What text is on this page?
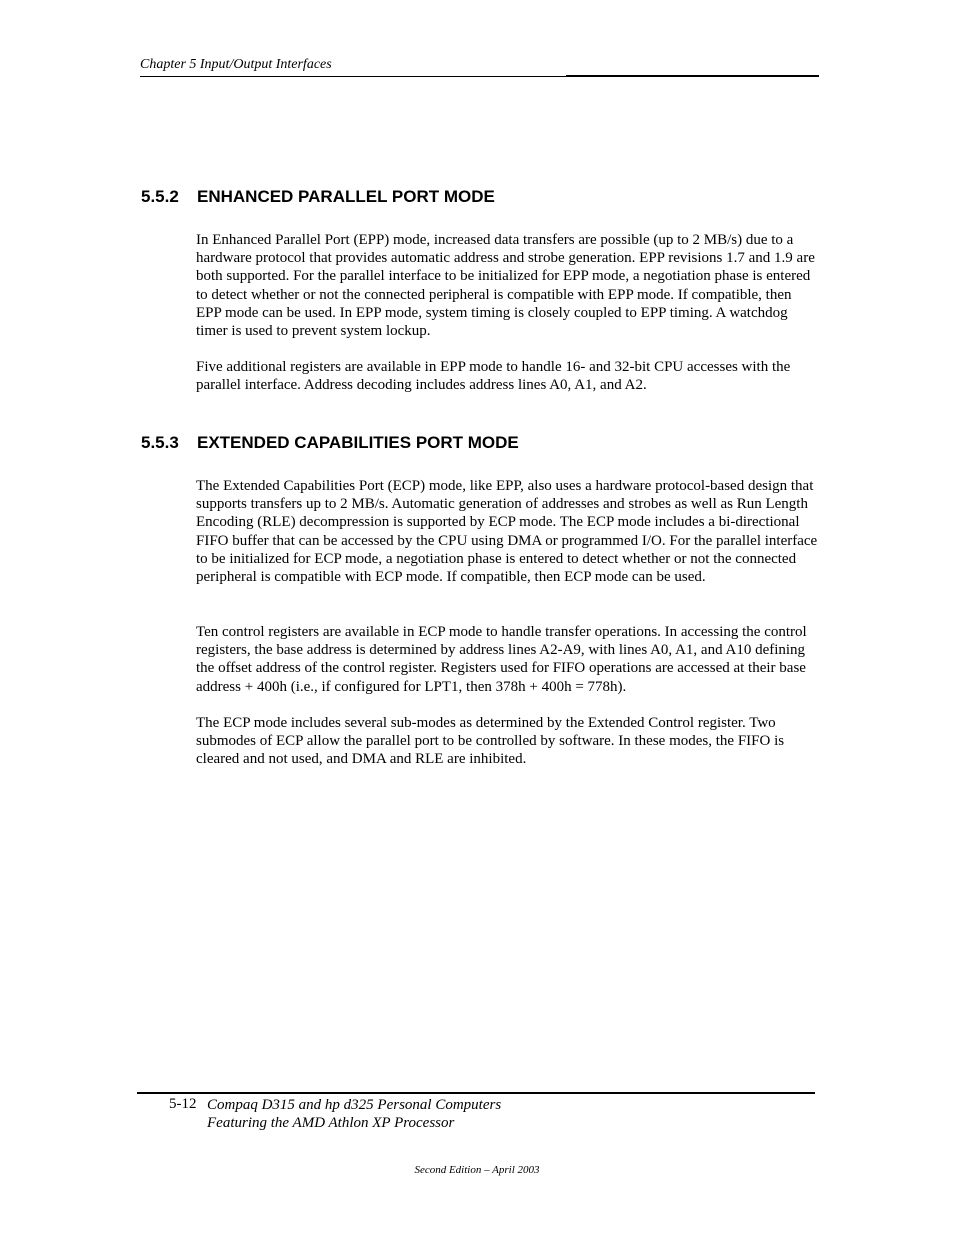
Chapter 5 Input/Output Interfaces
5.5.2 ENHANCED PARALLEL PORT MODE

In Enhanced Parallel Port (EPP) mode, increased data transfers are possible (up to 2 MB/s) due to a hardware protocol that provides automatic address and strobe generation. EPP revisions 1.7 and 1.9 are both supported. For the parallel interface to be initialized for EPP mode, a negotiation phase is entered to detect whether or not the connected peripheral is compatible with EPP mode. If compatible, then EPP mode can be used. In EPP mode, system timing is closely coupled to EPP timing. A watchdog timer is used to prevent system lockup.

Five additional registers are available in EPP mode to handle 16- and 32-bit CPU accesses with the parallel interface. Address decoding includes address lines A0, A1, and A2.

5.5.3 EXTENDED CAPABILITIES PORT MODE

The Extended Capabilities Port (ECP) mode, like EPP, also uses a hardware protocol-based design that supports transfers up to 2 MB/s. Automatic generation of addresses and strobes as well as Run Length Encoding (RLE) decompression is supported by ECP mode. The ECP mode includes a bi-directional FIFO buffer that can be accessed by the CPU using DMA or programmed I/O. For the parallel interface to be initialized for ECP mode, a negotiation phase is entered to detect whether or not the connected peripheral is compatible with ECP mode. If compatible, then ECP mode can be used.

Ten control registers are available in ECP mode to handle transfer operations. In accessing the control registers, the base address is determined by address lines A2-A9, with lines A0, A1, and A10 defining the offset address of the control register. Registers used for FIFO operations are accessed at their base address + 400h (i.e., if configured for LPT1, then 378h + 400h = 778h).

The ECP mode includes several sub-modes as determined by the Extended Control register. Two submodes of ECP allow the parallel port to be controlled by software. In these modes, the FIFO is cleared and not used, and DMA and RLE are inhibited.

5-12 Compaq D315 and hp d325 Personal Computers
Featuring the AMD Athlon XP Processor
Second Edition – April 2003
